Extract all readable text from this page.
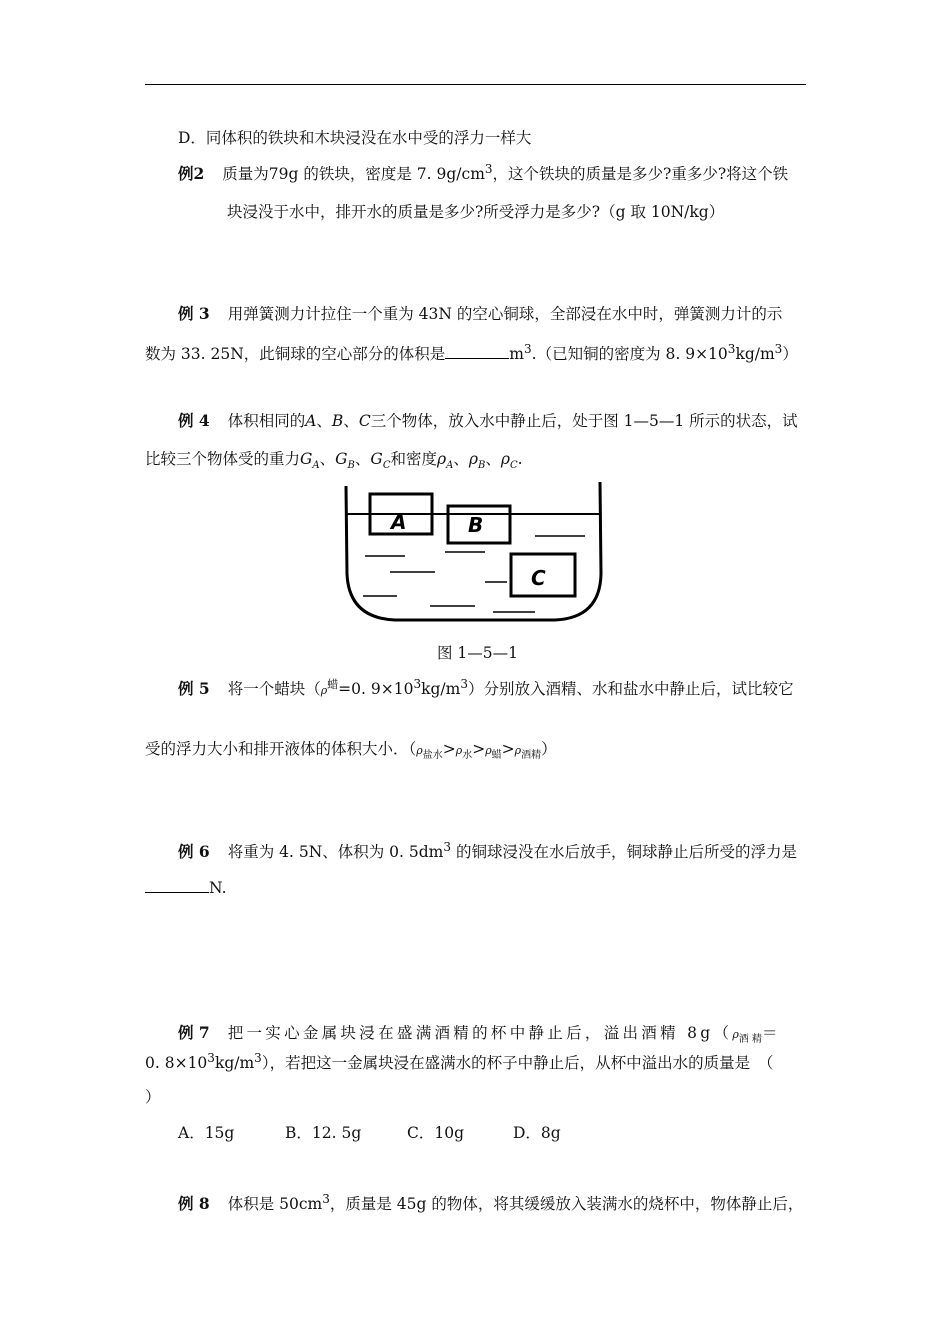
D．同体积的铁块和木块浸没在水中受的浮力一样大
例2 质量为79g 的铁块，密度是 7. $9g/cm^3$，这个铁块的质量是多少?重多少?将这个铁
块浸没于水中，排开水的质量是多少?所受浮力是多少?（g 取 10N/kg）
例 3 用弹簧测力计拉住一个重为 43N 的空心铜球，全部浸在水中时，弹簧测力计的示
数为 33. 25N，此铜球的空心部分的体积是	$m^3$.（已知铜的密度为 8. $9\times 10^3kg/m^3$）
例 4 体积相同的A、B、C三个物体，放入水中静止后，处于图 1—5—1 所示的状态，试
比较三个物体受的重力$G_A$、$G_B$、$G_C$和密度$\rho_A$、$\rho_B$、$\rho_C$.
A	B
C
图 1—5—1
例 5 将一个蜡块（$\rho^蜡=0$. $9\times 10^3kg/m^3$）分别放入酒精、水和盐水中静止后，试比较它
受的浮力大小和排开液体的体积大小．$(\rho_{盐水}>\rho_水>\rho_蜡>\rho_{酒精})$
例 6 将重为 4. 5N、体积为 0. $5dm^3$ 的铜球浸没在水后放手，铜球静止后所受的浮力是
N.
例 7 把一实心金属块浸在盛满酒精的杯中静止后，溢出酒精 $8g(\rho_{酒 精}=$
0. $8\times 10^3kg/m^3$），若把这一金属块浸在盛满水的杯子中静止后，从杯中溢出水的质量是　（
）
A．15g	B．12. 5g	C．10g	D．8g
例 8 体积是 $50cm^3$，质量是 45g 的物体，将其缓缓放入装满水的烧杯中，物体静止后，
